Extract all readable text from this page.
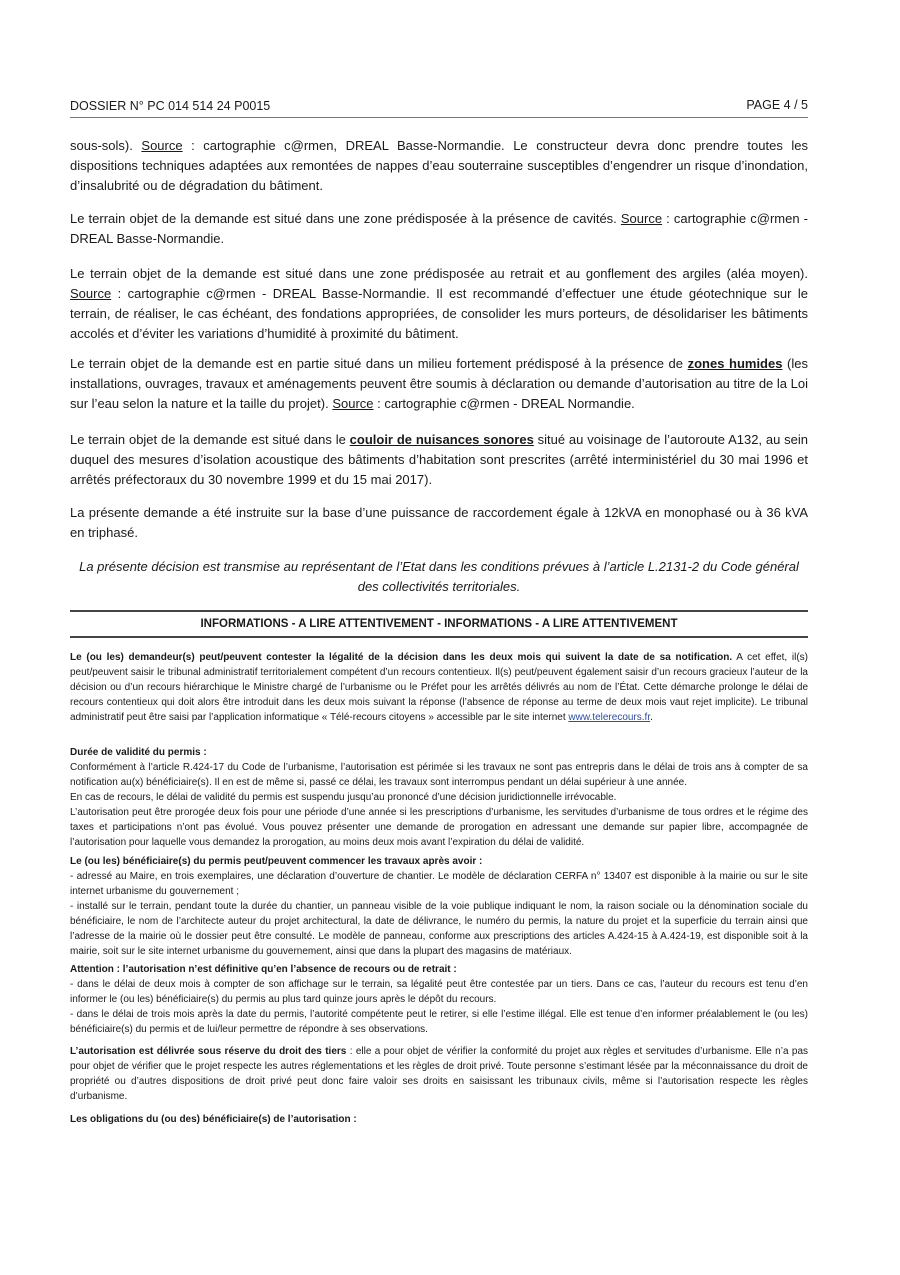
DOSSIER N° PC 014 514 24 P0015	PAGE 4 / 5

sous-sols). Source : cartographie c@rmen, DREAL Basse-Normandie. Le constructeur devra donc prendre toutes les dispositions techniques adaptées aux remontées de nappes d’eau souterraine susceptibles d’engendrer un risque d’inondation, d’insalubrité ou de dégradation du bâtiment.

Le terrain objet de la demande est situé dans une zone prédisposée à la présence de cavités. Source : cartographie c@rmen - DREAL Basse-Normandie.

Le terrain objet de la demande est situé dans une zone prédisposée au retrait et au gonflement des argiles (aléa moyen). Source : cartographie c@rmen - DREAL Basse-Normandie. Il est recommandé d’effectuer une étude géotechnique sur le terrain, de réaliser, le cas échéant, des fondations appropriées, de consolider les murs porteurs, de désolidariser les bâtiments accolés et d’éviter les variations d’humidité à proximité du bâtiment.

Le terrain objet de la demande est en partie situé dans un milieu fortement prédisposé à la présence de zones humides (les installations, ouvrages, travaux et aménagements peuvent être soumis à déclaration ou demande d’autorisation au titre de la Loi sur l’eau selon la nature et la taille du projet). Source : cartographie c@rmen - DREAL Normandie.

Le terrain objet de la demande est situé dans le couloir de nuisances sonores situé au voisinage de l’autoroute A132, au sein duquel des mesures d’isolation acoustique des bâtiments d’habitation sont prescrites (arrêté interministériel du 30 mai 1996 et arrêtés préfectoraux du 30 novembre 1999 et du 15 mai 2017).

La présente demande a été instruite sur la base d’une puissance de raccordement égale à 12kVA en monophasé ou à 36 kVA en triphasé.

La présente décision est transmise au représentant de l’Etat dans les conditions prévues à l’article L.2131-2 du Code général des collectivités territoriales.

INFORMATIONS - A LIRE ATTENTIVEMENT - INFORMATIONS - A LIRE ATTENTIVEMENT

Le (ou les) demandeur(s) peut/peuvent contester la légalité de la décision dans les deux mois qui suivent la date de sa notification. A cet effet, il(s) peut/peuvent saisir le tribunal administratif territorialement compétent d’un recours contentieux. Il(s) peut/peuvent également saisir d’un recours gracieux l’auteur de la décision ou d’un recours hiérarchique le Ministre chargé de l’urbanisme ou le Préfet pour les arrêtés délivrés au nom de l’État. Cette démarche prolonge le délai de recours contentieux qui doit alors être introduit dans les deux mois suivant la réponse (l’absence de réponse au terme de deux mois vaut rejet implicite). Le tribunal administratif peut être saisi par l’application informatique « Télé-recours citoyens » accessible par le site internet www.telerecours.fr.

Durée de validité du permis :
Conformément à l’article R.424-17 du Code de l’urbanisme, l’autorisation est périmée si les travaux ne sont pas entrepris dans le délai de trois ans à compter de sa notification au(x) bénéficiaire(s). Il en est de même si, passé ce délai, les travaux sont interrompus pendant un délai supérieur à une année.
En cas de recours, le délai de validité du permis est suspendu jusqu’au prononcé d’une décision juridictionnelle irrévocable.
L’autorisation peut être prorogée deux fois pour une période d’une année si les prescriptions d’urbanisme, les servitudes d’urbanisme de tous ordres et le régime des taxes et participations n’ont pas évolué. Vous pouvez présenter une demande de prorogation en adressant une demande sur papier libre, accompagnée de l’autorisation pour laquelle vous demandez la prorogation, au moins deux mois avant l’expiration du délai de validité.
Le (ou les) bénéficiaire(s) du permis peut/peuvent commencer les travaux après avoir :
- adressé au Maire, en trois exemplaires, une déclaration d’ouverture de chantier. Le modèle de déclaration CERFA n° 13407 est disponible à la mairie ou sur le site internet urbanisme du gouvernement ;
- installé sur le terrain, pendant toute la durée du chantier, un panneau visible de la voie publique indiquant le nom, la raison sociale ou la dénomination sociale du bénéficiaire, le nom de l’architecte auteur du projet architectural, la date de délivrance, le numéro du permis, la nature du projet et la superficie du terrain ainsi que l’adresse de la mairie où le dossier peut être consulté. Le modèle de panneau, conforme aux prescriptions des articles A.424-15 à A.424-19, est disponible soit à la mairie, soit sur le site internet urbanisme du gouvernement, ainsi que dans la plupart des magasins de matériaux.
Attention : l’autorisation n’est définitive qu’en l’absence de recours ou de retrait :
- dans le délai de deux mois à compter de son affichage sur le terrain, sa légalité peut être contestée par un tiers. Dans ce cas, l’auteur du recours est tenu d’en informer le (ou les) bénéficiaire(s) du permis au plus tard quinze jours après le dépôt du recours.
- dans le délai de trois mois après la date du permis, l’autorité compétente peut le retirer, si elle l’estime illégal. Elle est tenue d’en informer préalablement le (ou les) bénéficiaire(s) du permis et de lui/leur permettre de répondre à ses observations.

L’autorisation est délivrée sous réserve du droit des tiers : elle a pour objet de vérifier la conformité du projet aux règles et servitudes d’urbanisme. Elle n’a pas pour objet de vérifier que le projet respecte les autres réglementations et les règles de droit privé. Toute personne s’estimant lésée par la méconnaissance du droit de propriété ou d’autres dispositions de droit privé peut donc faire valoir ses droits en saisissant les tribunaux civils, même si l’autorisation respecte les règles d’urbanisme.

Les obligations du (ou des) bénéficiaire(s) de l’autorisation :
